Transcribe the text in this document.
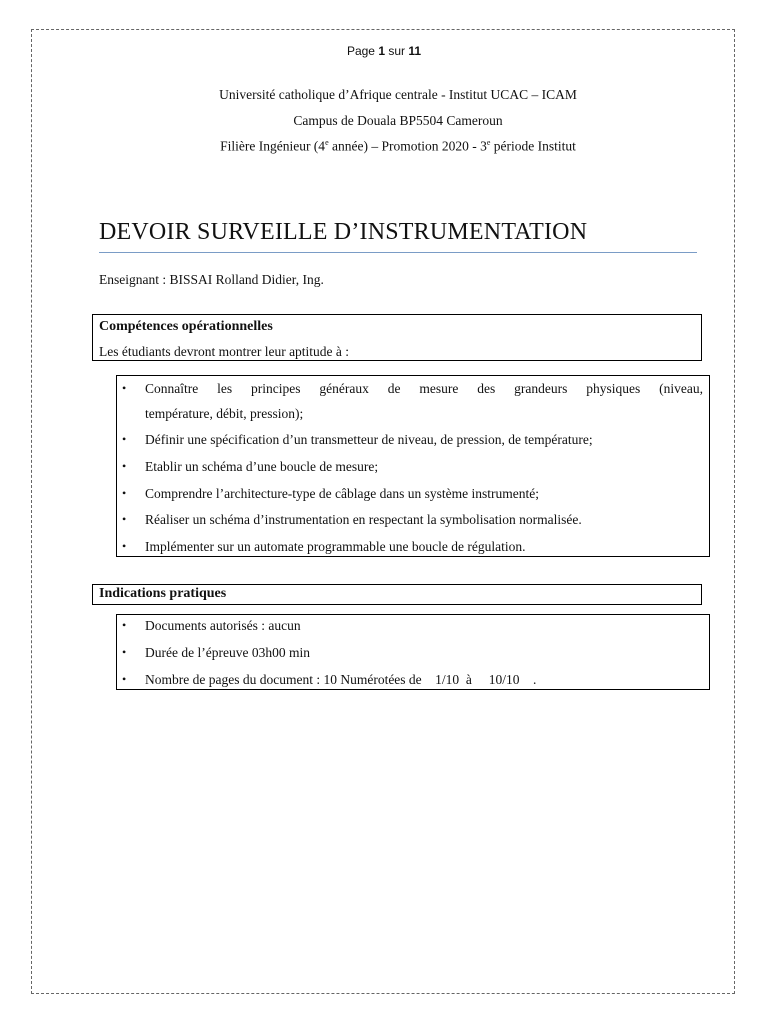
Page 1 sur 11
Université catholique d’Afrique centrale - Institut UCAC – ICAM
Campus de Douala BP5504 Cameroun
Filière Ingénieur (4e année) – Promotion 2020 - 3e période Institut
DEVOIR SURVEILLE D’INSTRUMENTATION
Enseignant : BISSAI Rolland Didier, Ing.
Compétences opérationnelles
Les étudiants devront montrer leur aptitude à :
• Connaître les principes généraux de mesure des grandeurs physiques (niveau,
température, débit, pression);
• Définir une spécification d’un transmetteur de niveau, de pression, de température;
• Etablir un schéma d’une boucle de mesure;
• Comprendre l’architecture-type de câblage dans un système instrumenté;
• Réaliser un schéma d’instrumentation en respectant la symbolisation normalisée.
• Implémenter sur un automate programmable une boucle de régulation.
Indications pratiques
• Documents autorisés : aucun
• Durée de l’épreuve 03h00 min
• Nombre de pages du document : 10 Numérotées de    1/10  à     10/10    .
